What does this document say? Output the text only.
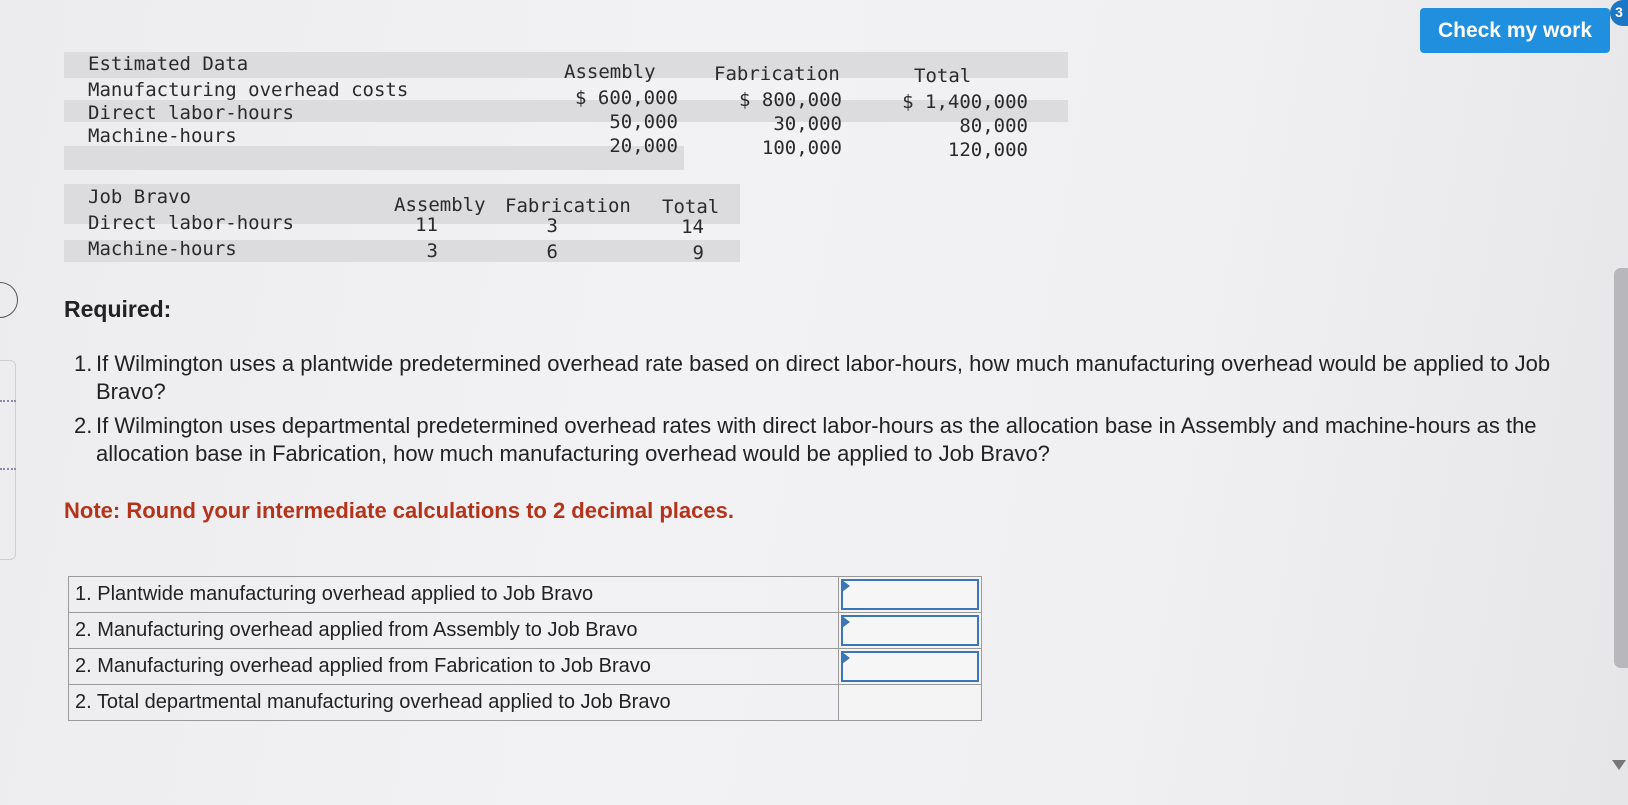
Check my work
3
Estimated Data	Assembly	Fabrication	Total
Manufacturing overhead costs	$ 600,000	$ 800,000	$ 1,400,000
Direct labor-hours	50,000	30,000	80,000
Machine-hours	20,000	100,000	120,000
Job Bravo	Assembly Fabrication Total
Direct labor-hours	11	3	14
Machine-hours	3	6	9
Required:
1. If Wilmington uses a plantwide predetermined overhead rate based on direct labor-hours, how much manufacturing overhead would be applied to Job Bravo?
2. If Wilmington uses departmental predetermined overhead rates with direct labor-hours as the allocation base in Assembly and machine-hours as the allocation base in Fabrication, how much manufacturing overhead would be applied to Job Bravo?
Note: Round your intermediate calculations to 2 decimal places.
1. Plantwide manufacturing overhead applied to Job Bravo	

2. Manufacturing overhead applied from Assembly to Job Bravo	

2. Manufacturing overhead applied from Fabrication to Job Bravo	

2. Total departmental manufacturing overhead applied to Job Bravo	
